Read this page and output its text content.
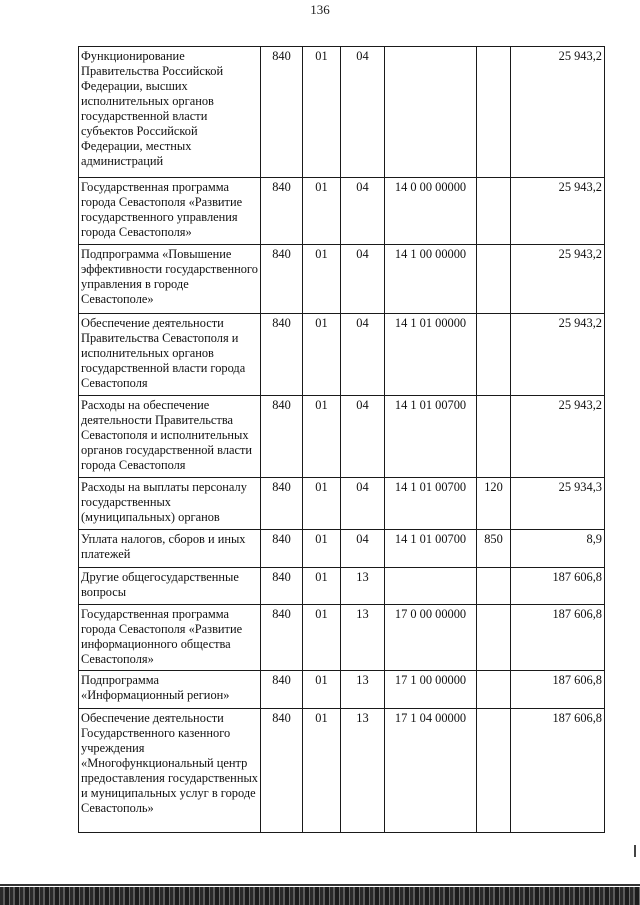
136
Функционирование Правительства Российской Федерации, высших исполнительных органов государственной власти субъектов Российской Федерации, местных администраций	840	01	04			25 943,2
Государственная программа города Севастополя «Развитие государственного управления города Севастополя»	840	01	04	14 0 00 00000		25 943,2
Подпрограмма «Повышение эффективности государственного управления в городе Севастополе»	840	01	04	14 1 00 00000		25 943,2
Обеспечение деятельности Правительства Севастополя и исполнительных органов государственной власти города Севастополя	840	01	04	14 1 01 00000		25 943,2
Расходы на обеспечение деятельности Правительства Севастополя и исполнительных органов государственной власти города Севастополя	840	01	04	14 1 01 00700		25 943,2
Расходы на выплаты персоналу государственных (муниципальных) органов	840	01	04	14 1 01 00700	120	25 934,3
Уплата налогов, сборов и иных платежей	840	01	04	14 1 01 00700	850	8,9
Другие общегосударственные вопросы	840	01	13			187 606,8
Государственная программа города Севастополя «Развитие информационного общества Севастополя»	840	01	13	17 0 00 00000		187 606,8
Подпрограмма «Информационный регион»	840	01	13	17 1 00 00000		187 606,8
Обеспечение деятельности Государственного казенного учреждения «Многофункциональный центр предоставления государственных и муниципальных услуг в городе Севастополь»	840	01	13	17 1 04 00000		187 606,8
